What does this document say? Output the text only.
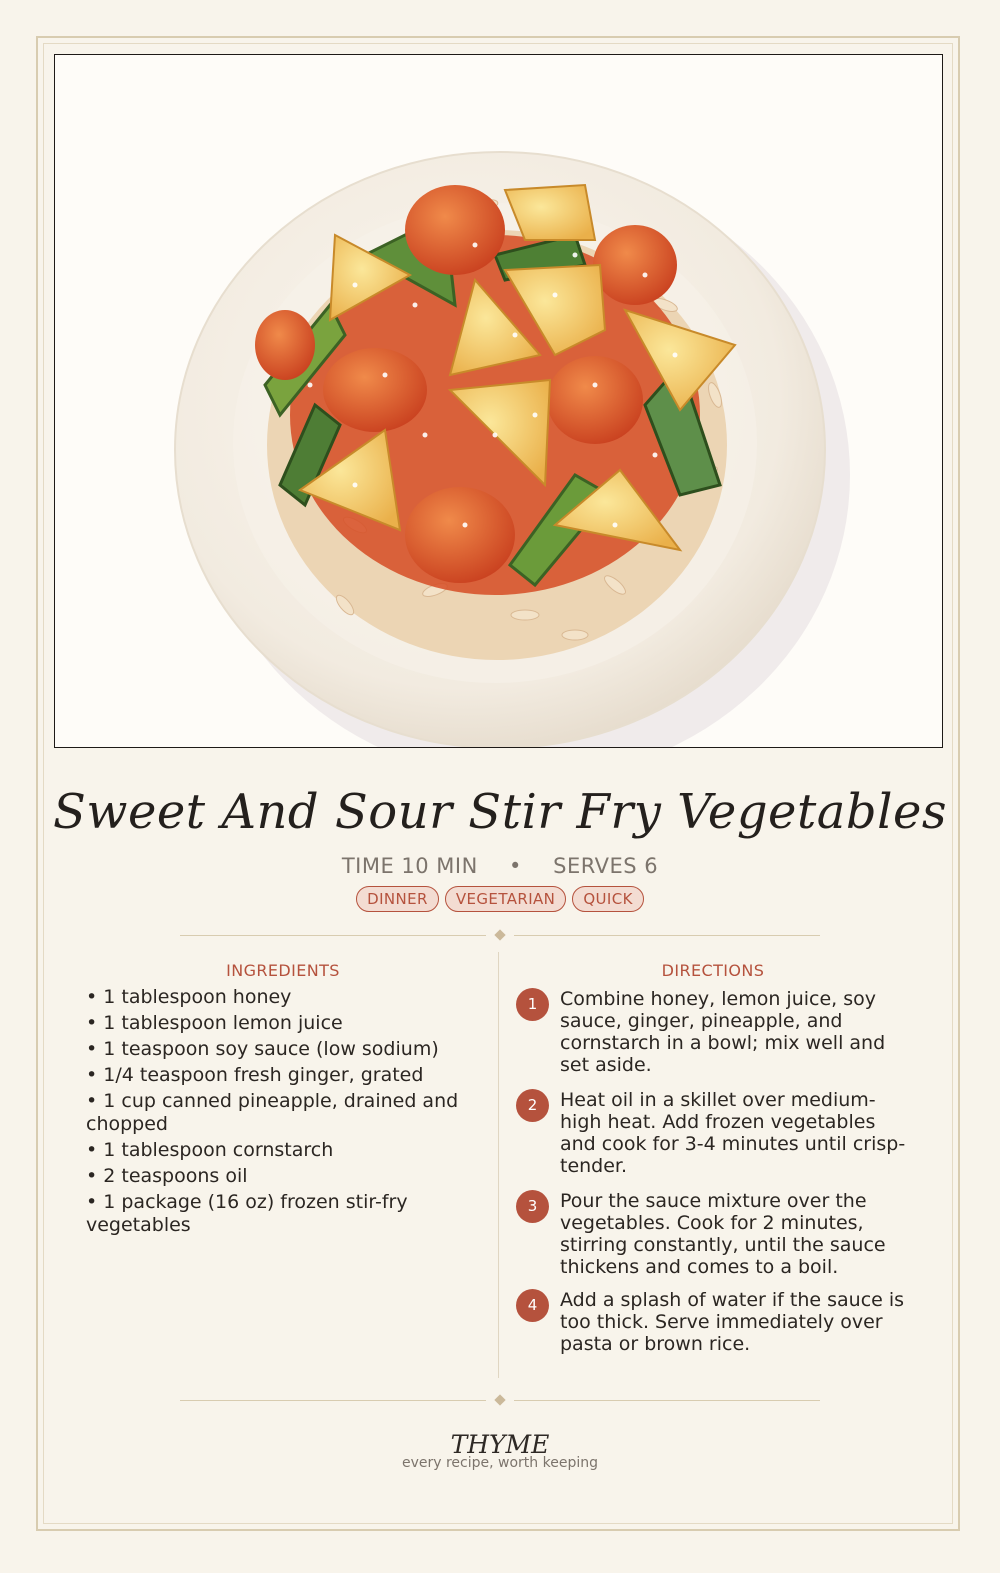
Sweet And Sour Stir Fry Vegetables
TIME 10 MIN • SERVES 6
DINNER VEGETARIAN QUICK
INGREDIENTS	DIRECTIONS
• 1 tablespoon honey
• 1 tablespoon lemon juice
• 1 teaspoon soy sauce (low sodium)
• 1/4 teaspoon fresh ginger, grated
• 1 cup canned pineapple, drained and chopped
• 1 tablespoon cornstarch
• 2 teaspoons oil
• 1 package (16 oz) frozen stir-fry vegetables
1	Combine honey, lemon juice, soy sauce, ginger, pineapple, and cornstarch in a bowl; mix well and set aside.
2	Heat oil in a skillet over medium-high heat. Add frozen vegetables and cook for 3-4 minutes until crisp-tender.
3	Pour the sauce mixture over the vegetables. Cook for 2 minutes, stirring constantly, until the sauce thickens and comes to a boil.
4	Add a splash of water if the sauce is too thick. Serve immediately over pasta or brown rice.
THYME
every recipe, worth keeping
